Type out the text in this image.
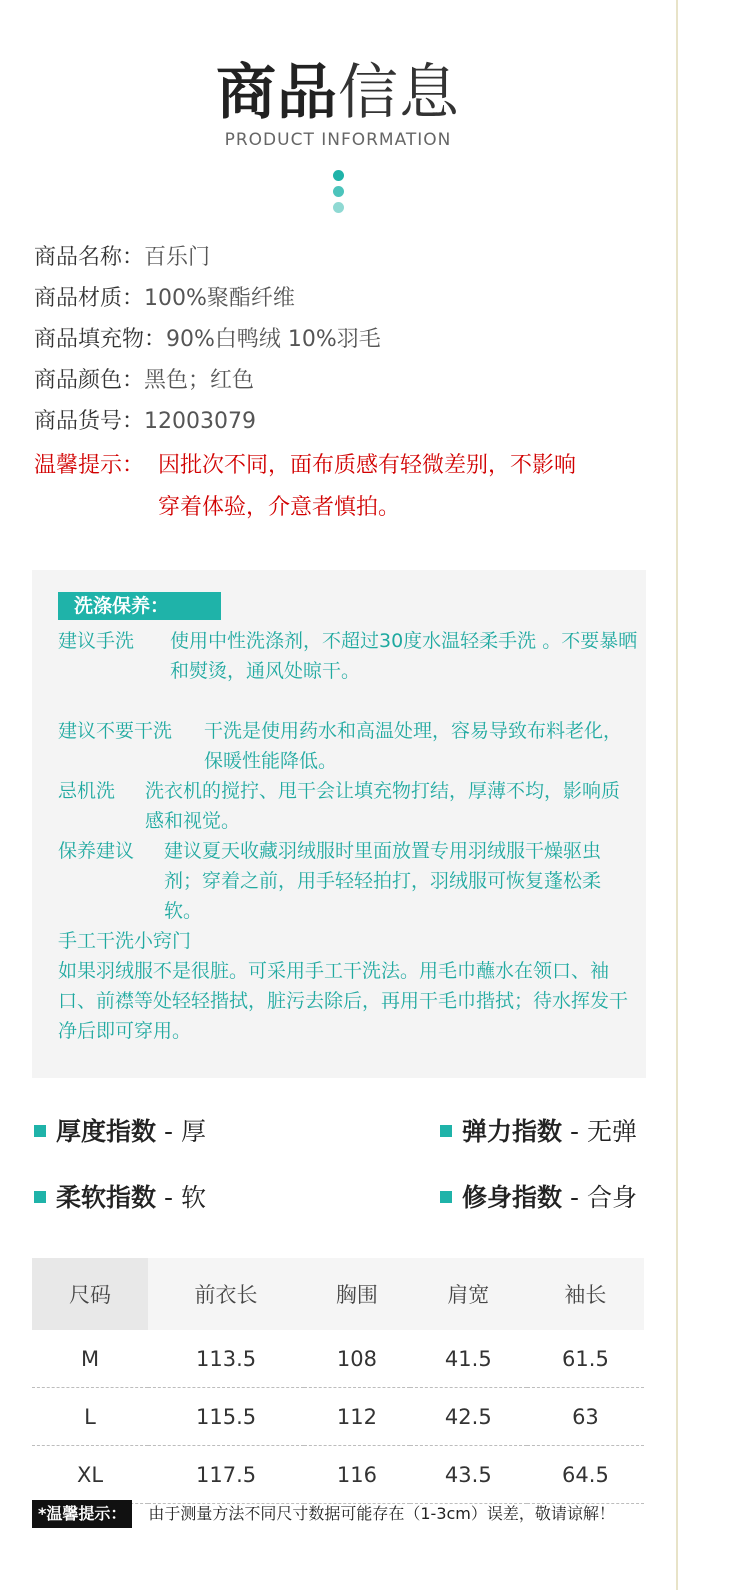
商品信息
PRODUCT INFORMATION
商品名称：百乐门
商品材质：100%聚酯纤维
商品填充物：90%白鸭绒 10%羽毛
商品颜色：黑色；红色
商品货号：12003079
温馨提示： 因批次不同，面布质感有轻微差别，不影响
穿着体验，介意者慎拍。
洗涤保养：
建议手洗	使用中性洗涤剂，不超过30度水温轻柔手洗 。不要暴晒和熨烫，通风处晾干。
建议不要干洗	干洗是使用药水和高温处理，容易导致布料老化，保暖性能降低。
忌机洗	洗衣机的搅拧、甩干会让填充物打结，厚薄不均，影响质感和视觉。
保养建议	建议夏天收藏羽绒服时里面放置专用羽绒服干燥驱虫剂；穿着之前，用手轻轻拍打，羽绒服可恢复蓬松柔软。
手工干洗小窍门
如果羽绒服不是很脏。可采用手工干洗法。用毛巾蘸水在领口、袖口、前襟等处轻轻揩拭，脏污去除后，再用干毛巾揩拭；待水挥发干净后即可穿用。
厚度指数 - 厚	弹力指数 - 无弹
柔软指数 - 软	修身指数 - 合身
尺码	前衣长	胸围	肩宽	袖长
M	113.5	108	41.5	61.5
L	115.5	112	42.5	63
XL	117.5	116	43.5	64.5
*温馨提示： 由于测量方法不同尺寸数据可能存在（1-3cm）误差，敬请谅解！
